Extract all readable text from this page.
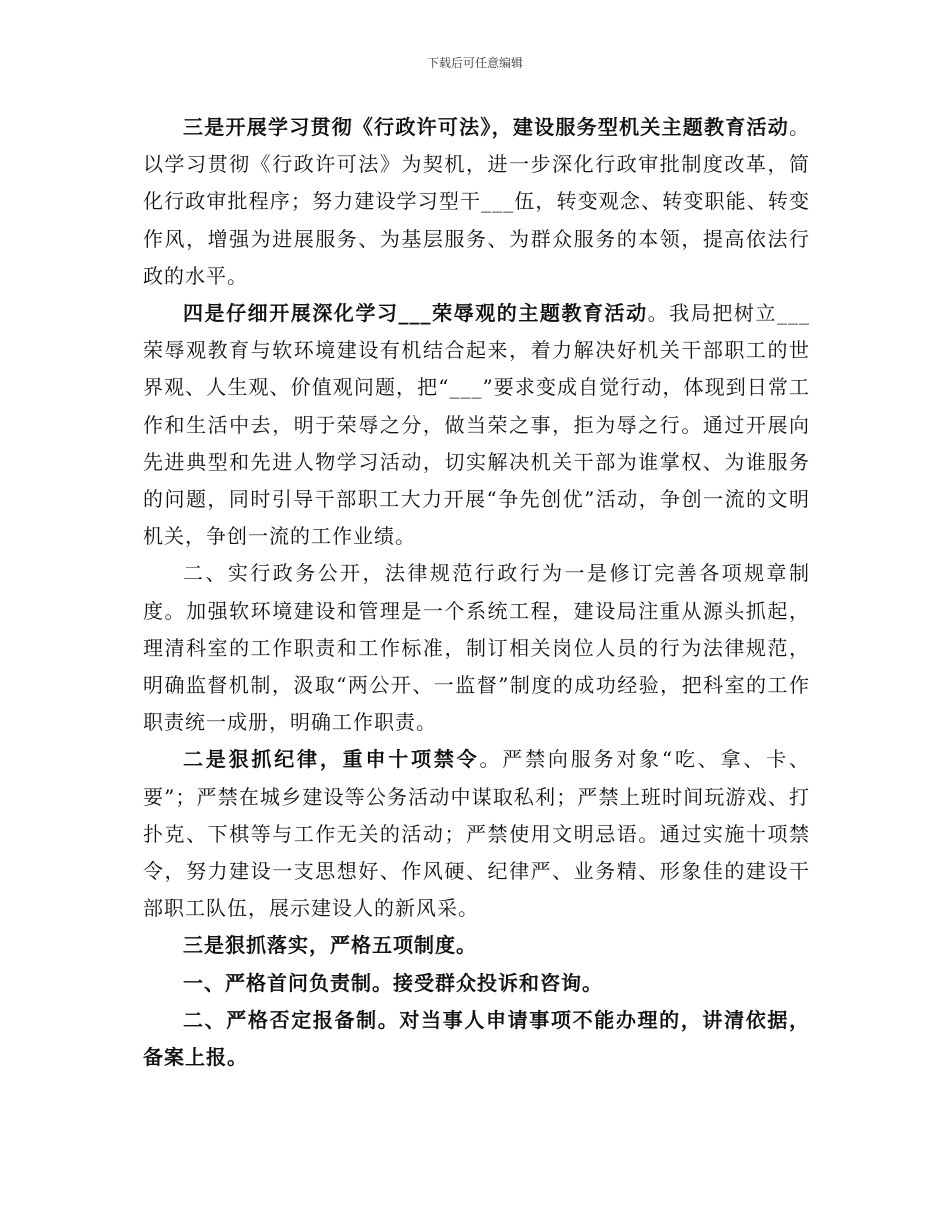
下载后可任意编辑

三是开展学习贯彻《行政许可法》，建设服务型机关主题教育活动。以学习贯彻《行政许可法》为契机，进一步深化行政审批制度改革，简化行政审批程序；努力建设学习型干___伍，转变观念、转变职能、转变作风，增强为进展服务、为基层服务、为群众服务的本领，提高依法行政的水平。

四是仔细开展深化学习___荣辱观的主题教育活动。我局把树立___荣辱观教育与软环境建设有机结合起来，着力解决好机关干部职工的世界观、人生观、价值观问题，把“___”要求变成自觉行动，体现到日常工作和生活中去，明于荣辱之分，做当荣之事，拒为辱之行。通过开展向先进典型和先进人物学习活动，切实解决机关干部为谁掌权、为谁服务的问题，同时引导干部职工大力开展“争先创优”活动，争创一流的文明机关，争创一流的工作业绩。

二、实行政务公开，法律规范行政行为一是修订完善各项规章制度。加强软环境建设和管理是一个系统工程，建设局注重从源头抓起，理清科室的工作职责和工作标准，制订相关岗位人员的行为法律规范，明确监督机制，汲取“两公开、一监督”制度的成功经验，把科室的工作职责统一成册，明确工作职责。

二是狠抓纪律，重申十项禁令。严禁向服务对象“吃、拿、卡、要”；严禁在城乡建设等公务活动中谋取私利；严禁上班时间玩游戏、打扑克、下棋等与工作无关的活动；严禁使用文明忌语。通过实施十项禁令，努力建设一支思想好、作风硬、纪律严、业务精、形象佳的建设干部职工队伍，展示建设人的新风采。

三是狠抓落实，严格五项制度。

一、严格首问负责制。接受群众投诉和咨询。

二、严格否定报备制。对当事人申请事项不能办理的，讲清依据，备案上报。
